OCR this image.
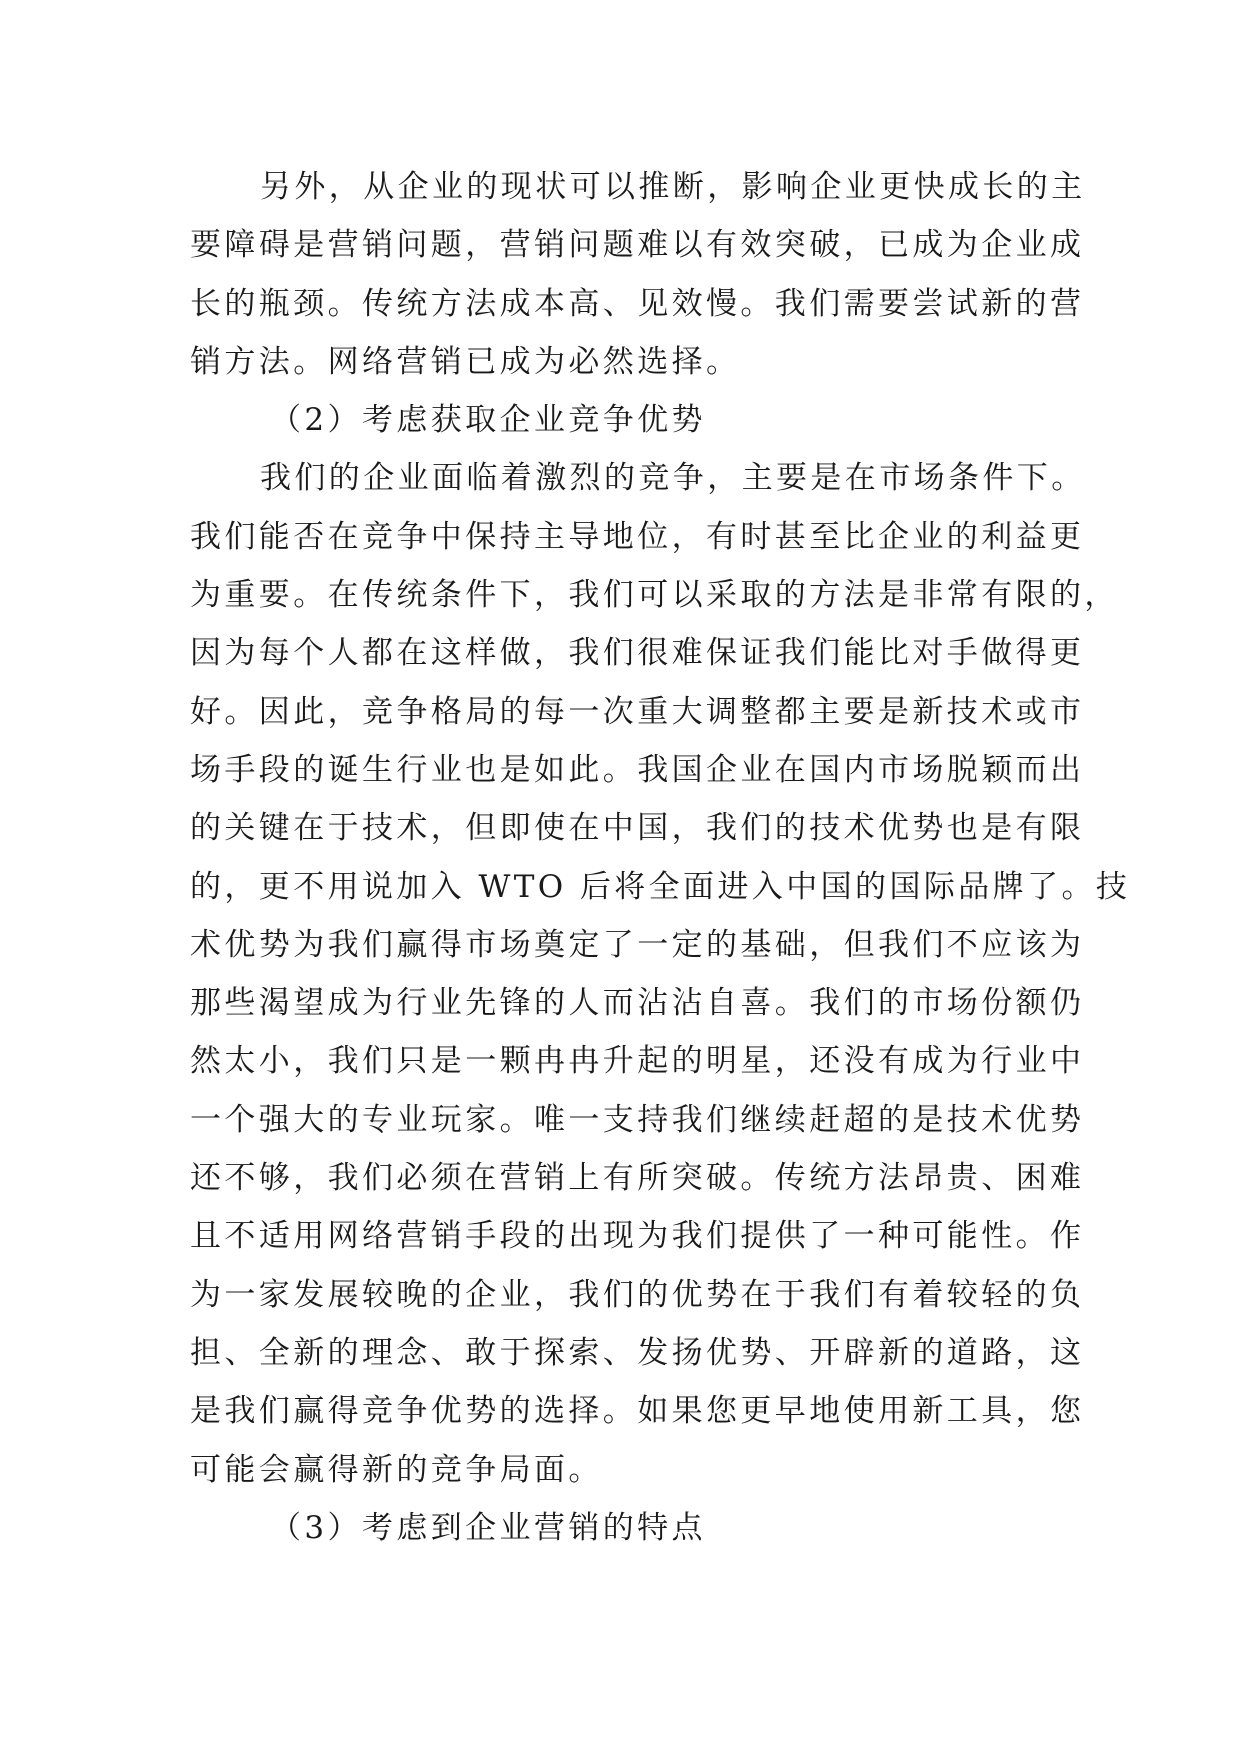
另外，从企业的现状可以推断，影响企业更快成长的主
要障碍是营销问题，营销问题难以有效突破，已成为企业成
长的瓶颈。传统方法成本高、见效慢。我们需要尝试新的营
销方法。网络营销已成为必然选择。
（2）考虑获取企业竞争优势
我们的企业面临着激烈的竞争，主要是在市场条件下。
我们能否在竞争中保持主导地位，有时甚至比企业的利益更
为重要。在传统条件下，我们可以采取的方法是非常有限的，
因为每个人都在这样做，我们很难保证我们能比对手做得更
好。因此，竞争格局的每一次重大调整都主要是新技术或市
场手段的诞生行业也是如此。我国企业在国内市场脱颖而出
的关键在于技术，但即使在中国，我们的技术优势也是有限
的，更不用说加入 WTO 后将全面进入中国的国际品牌了。技
术优势为我们赢得市场奠定了一定的基础，但我们不应该为
那些渴望成为行业先锋的人而沾沾自喜。我们的市场份额仍
然太小，我们只是一颗冉冉升起的明星，还没有成为行业中
一个强大的专业玩家。唯一支持我们继续赶超的是技术优势
还不够，我们必须在营销上有所突破。传统方法昂贵、困难
且不适用网络营销手段的出现为我们提供了一种可能性。作
为一家发展较晚的企业，我们的优势在于我们有着较轻的负
担、全新的理念、敢于探索、发扬优势、开辟新的道路，这
是我们赢得竞争优势的选择。如果您更早地使用新工具，您
可能会赢得新的竞争局面。
（3）考虑到企业营销的特点
